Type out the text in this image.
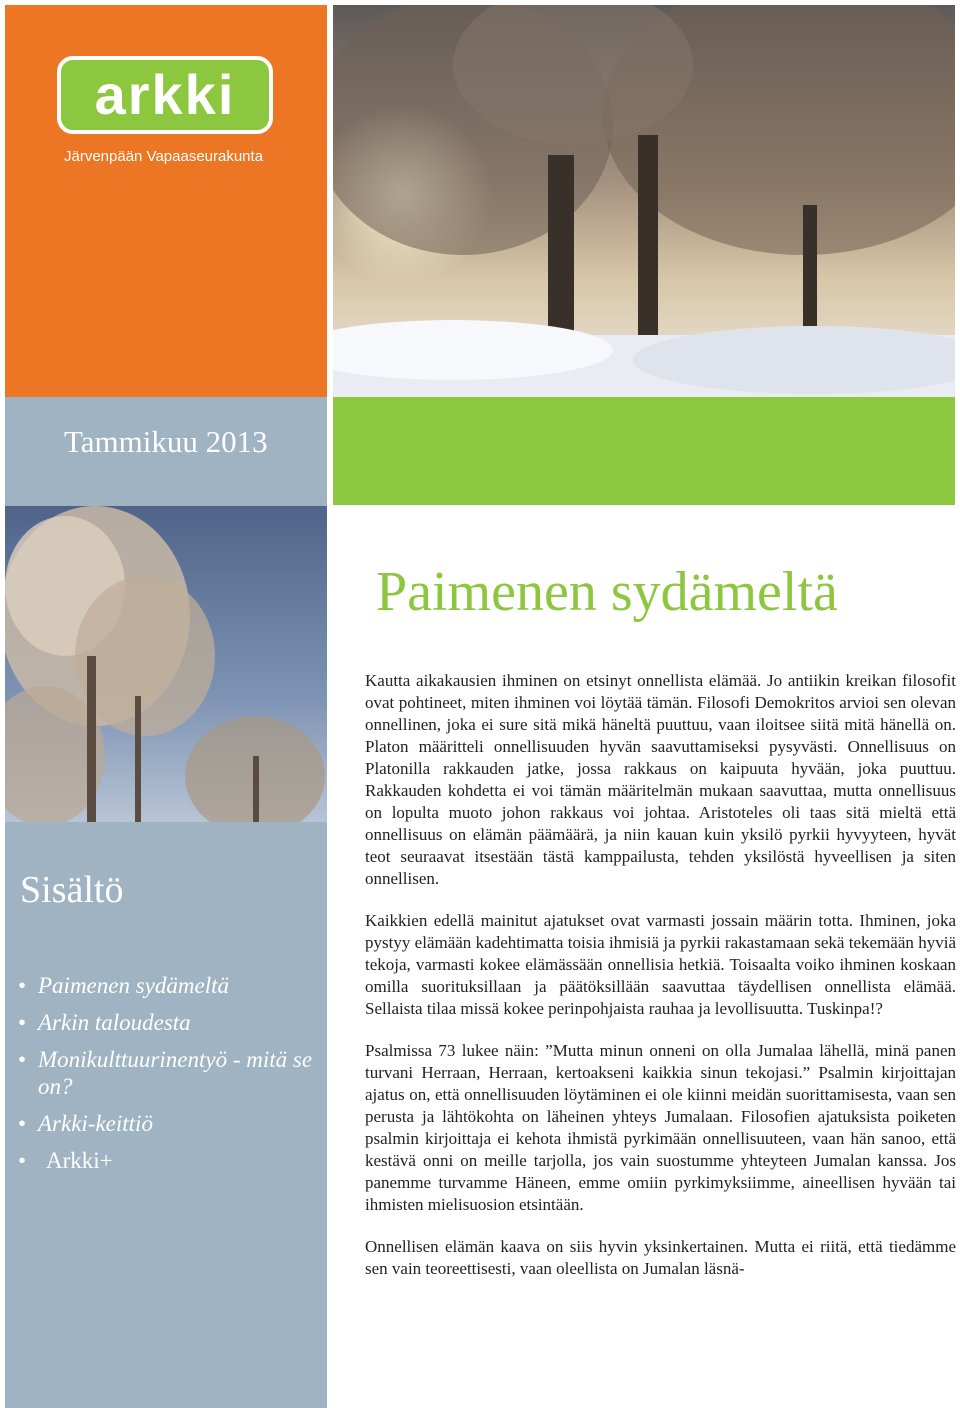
arkki
Järvenpään Vapaaseurakunta
Tammikuu 2013
Sisältö
• Paimenen sydämeltä
• Arkin taloudesta
• Monikulttuurinentyö - mitä se on?
• Arkki-keittiö
• Arkki+
Paimenen sydämeltä

Kautta aikakausien ihminen on etsinyt onnellista elämää. Jo antiikin kreikan filosofit ovat pohtineet, miten ihminen voi löytää tämän. Filosofi Demokritos arvioi sen olevan onnellinen, joka ei sure sitä mikä häneltä puuttuu, vaan iloitsee siitä mitä hänellä on. Platon määritteli onnellisuuden hyvän saavuttamiseksi pysyvästi. Onnellisuus on Platonilla rakkauden jatke, jossa rakkaus on kaipuuta hyvään, joka puuttuu. Rakkauden kohdetta ei voi tämän määritelmän mukaan saavuttaa, mutta onnellisuus on lopulta muoto johon rakkaus voi johtaa. Aristoteles oli taas sitä mieltä että onnellisuus on elämän päämäärä, ja niin kauan kuin yksilö pyrkii hyvyyteen, hyvät teot seuraavat itsestään tästä kamppailusta, tehden yksilöstä hyveellisen ja siten onnellisen.

Kaikkien edellä mainitut ajatukset ovat varmasti jossain määrin totta. Ihminen, joka pystyy elämään kadehtimatta toisia ihmisiä ja pyrkii rakastamaan sekä tekemään hyviä tekoja, varmasti kokee elämässään onnellisia hetkiä. Toisaalta voiko ihminen koskaan omilla suorituksillaan ja päätöksillään saavuttaa täydellisen onnellista elämää. Sellaista tilaa missä kokee perinpohjaista rauhaa ja levollisuutta. Tuskinpa!?

Psalmissa 73 lukee näin: ”Mutta minun onneni on olla Jumalaa lähellä, minä panen turvani Herraan, Herraan, kertoakseni kaikkia sinun tekojasi.” Psalmin kirjoittajan ajatus on, että onnellisuuden löytäminen ei ole kiinni meidän suorittamisesta, vaan sen perusta ja lähtökohta on läheinen yhteys Jumalaan. Filosofien ajatuksista poiketen psalmin kirjoittaja ei kehota ihmistä pyrkimään onnellisuuteen, vaan hän sanoo, että kestävä onni on meille tarjolla, jos vain suostumme yhteyteen Jumalan kanssa. Jos panemme turvamme Häneen, emme omiin pyrkimyksiimme, aineellisen hyvään tai ihmisten mielisuosion etsintään.

Onnellisen elämän kaava on siis hyvin yksinkertainen. Mutta ei riitä, että tiedämme sen vain teoreettisesti, vaan oleellista on Jumalan läsnä-
